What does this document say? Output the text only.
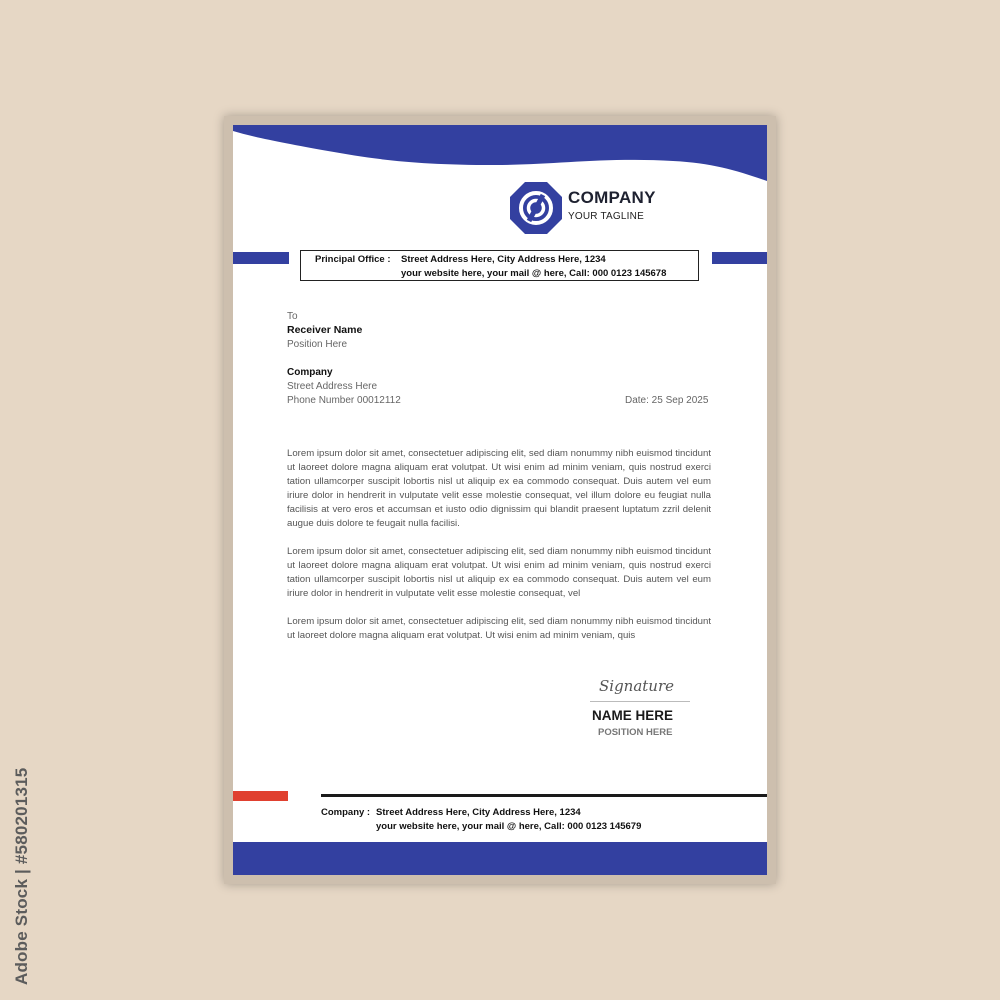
Adobe Stock | #580201315
COMPANY
YOUR TAGLINE
Principal Office : Street Address Here, City Address Here, 1234
your website here, your mail @ here, Call: 000 0123 145678
To
Receiver Name
Position Here
Company
Street Address Here
Phone Number 00012112	Date: 25 Sep 2025
Lorem ipsum dolor sit amet, consectetuer adipiscing elit, sed diam nonummy nibh euismod tincidunt ut laoreet dolore magna aliquam erat volutpat. Ut wisi enim ad minim veniam, quis nostrud exerci tation ullamcorper suscipit lobortis nisl ut aliquip ex ea commodo consequat. Duis autem vel eum iriure dolor in hendrerit in vulputate velit esse molestie consequat, vel illum dolore eu feugiat nulla facilisis at vero eros et accumsan et iusto odio dignissim qui blandit praesent luptatum zzril delenit augue duis dolore te feugait nulla facilisi.
Lorem ipsum dolor sit amet, consectetuer adipiscing elit, sed diam nonummy nibh euismod tincidunt ut laoreet dolore magna aliquam erat volutpat. Ut wisi enim ad minim veniam, quis nostrud exerci tation ullamcorper suscipit lobortis nisl ut aliquip ex ea commodo consequat. Duis autem vel eum iriure dolor in hendrerit in vulputate velit esse molestie consequat, vel
Lorem ipsum dolor sit amet, consectetuer adipiscing elit, sed diam nonummy nibh euismod tincidunt ut laoreet dolore magna aliquam erat volutpat. Ut wisi enim ad minim veniam, quis
Signature
NAME HERE
POSITION HERE
Company : Street Address Here, City Address Here, 1234
your website here, your mail @ here, Call: 000 0123 145679
